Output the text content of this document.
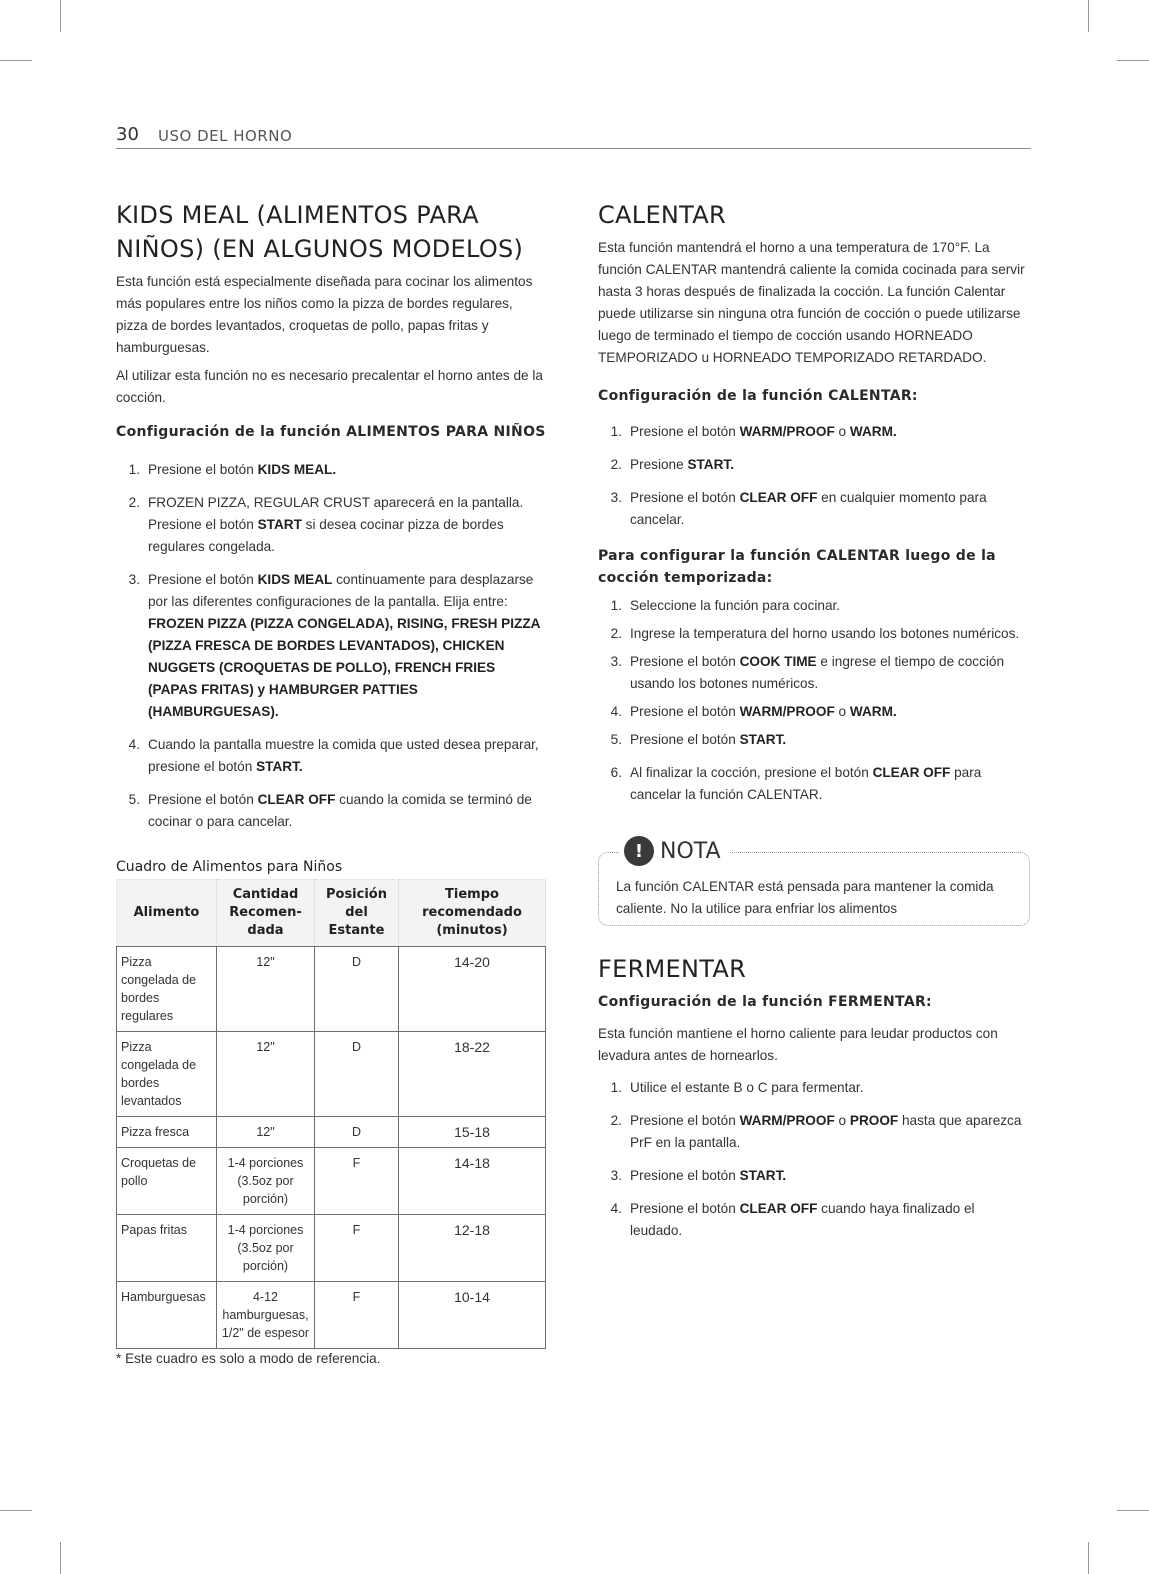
30 USO DEL HORNO
KIDS MEAL (ALIMENTOS PARA
NIÑOS) (EN ALGUNOS MODELOS)

Esta función está especialmente diseñada para cocinar los alimentos más populares entre los niños como la pizza de bordes regulares, pizza de bordes levantados, croquetas de pollo, papas fritas y hamburguesas.

Al utilizar esta función no es necesario precalentar el horno antes de la cocción.

Configuración de la función ALIMENTOS PARA NIÑOS
1. Presione el botón KIDS MEAL.
2. FROZEN PIZZA, REGULAR CRUST aparecerá en la pantalla. Presione el botón START si desea cocinar pizza de bordes regulares congelada.
3. Presione el botón KIDS MEAL continuamente para desplazarse por las diferentes configuraciones de la pantalla. Elija entre: FROZEN PIZZA (PIZZA CONGELADA), RISING, FRESH PIZZA (PIZZA FRESCA DE BORDES LEVANTADOS), CHICKEN NUGGETS (CROQUETAS DE POLLO), FRENCH FRIES (PAPAS FRITAS) y HAMBURGER PATTIES (HAMBURGUESAS).
4. Cuando la pantalla muestre la comida que usted desea preparar, presione el botón START.
5. Presione el botón CLEAR OFF cuando la comida se terminó de cocinar o para cancelar.
Cuadro de Alimentos para Niños
Alimento	Cantidad Recomen-dada	Posición del Estante	Tiempo recomendado (minutos)
Pizza congelada de bordes regulares	12"	D	14-20
Pizza congelada de bordes levantados	12"	D	18-22
Pizza fresca	12"	D	15-18
Croquetas de pollo	1-4 porciones (3.5oz por porción)	F	14-18
Papas fritas	1-4 porciones (3.5oz por porción)	F	12-18
Hamburguesas	4-12 hamburguesas, 1/2" de espesor	F	10-14
* Este cuadro es solo a modo de referencia.
CALENTAR

Esta función mantendrá el horno a una temperatura de 170°F. La función CALENTAR mantendrá caliente la comida cocinada para servir hasta 3 horas después de finalizada la cocción. La función Calentar puede utilizarse sin ninguna otra función de cocción o puede utilizarse luego de terminado el tiempo de cocción usando HORNEADO TEMPORIZADO u HORNEADO TEMPORIZADO RETARDADO.

Configuración de la función CALENTAR:
1. Presione el botón WARM/PROOF o WARM.
2. Presione START.
3. Presione el botón CLEAR OFF en cualquier momento para cancelar.
Para configurar la función CALENTAR luego de la cocción temporizada:
1. Seleccione la función para cocinar.
2. Ingrese la temperatura del horno usando los botones numéricos.
3. Presione el botón COOK TIME e ingrese el tiempo de cocción usando los botones numéricos.
4. Presione el botón WARM/PROOF o WARM.
5. Presione el botón START.
6. Al finalizar la cocción, presione el botón CLEAR OFF para cancelar la función CALENTAR.
! NOTA
La función CALENTAR está pensada para mantener la comida caliente. No la utilice para enfriar los alimentos
FERMENTAR
Configuración de la función FERMENTAR:

Esta función mantiene el horno caliente para leudar productos con levadura antes de hornearlos.

1. Utilice el estante B o C para fermentar.
2. Presione el botón WARM/PROOF o PROOF hasta que aparezca PrF en la pantalla.
3. Presione el botón START.
4. Presione el botón CLEAR OFF cuando haya finalizado el leudado.
